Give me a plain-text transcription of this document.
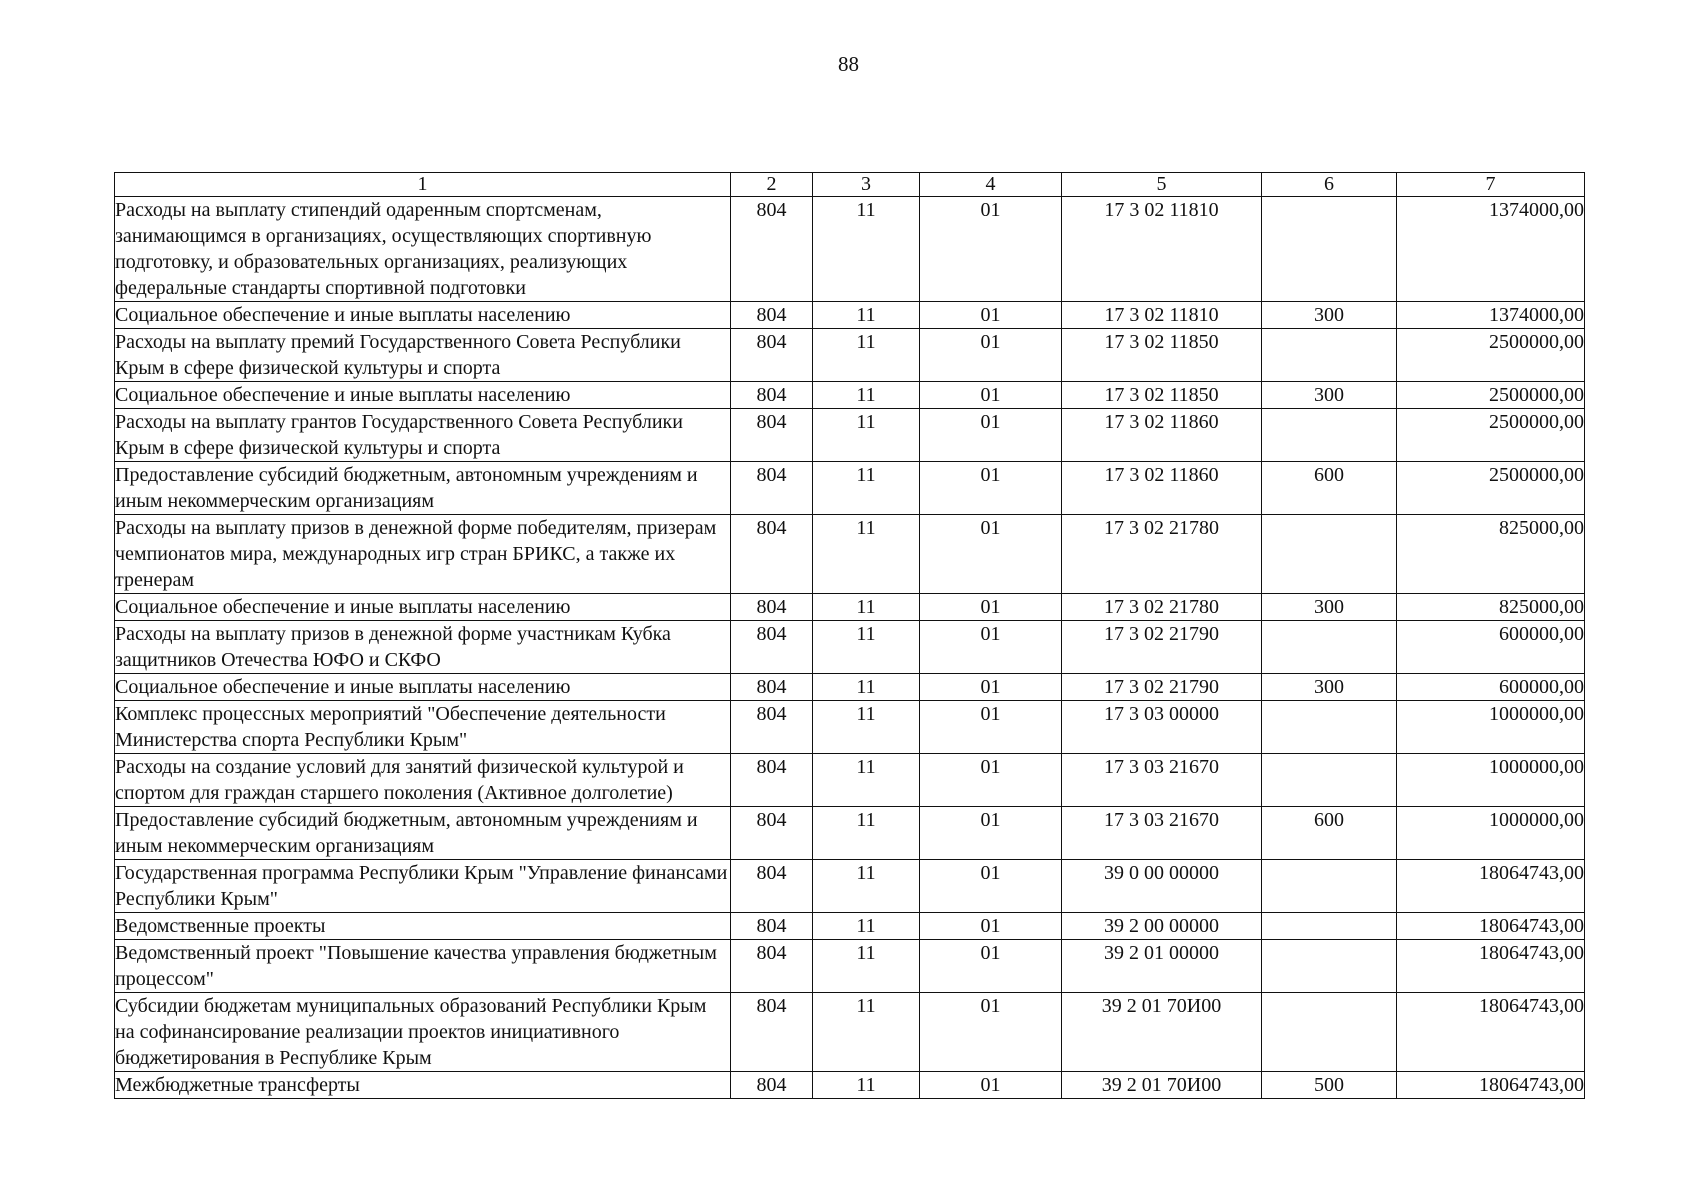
88
1	2	3	4	5	6	7
Расходы на выплату стипендий одаренным спортсменам, занимающимся в организациях, осуществляющих спортивную подготовку, и образовательных организациях, реализующих федеральные стандарты спортивной подготовки	804	11	01	17 3 02 11810		1374000,00
Социальное обеспечение и иные выплаты населению	804	11	01	17 3 02 11810	300	1374000,00
Расходы на выплату премий Государственного Совета Республики Крым в сфере физической культуры и спорта	804	11	01	17 3 02 11850		2500000,00
Социальное обеспечение и иные выплаты населению	804	11	01	17 3 02 11850	300	2500000,00
Расходы на выплату грантов Государственного Совета Республики Крым в сфере физической культуры и спорта	804	11	01	17 3 02 11860		2500000,00
Предоставление субсидий бюджетным, автономным учреждениям и иным некоммерческим организациям	804	11	01	17 3 02 11860	600	2500000,00
Расходы на выплату призов в денежной форме победителям, призерам чемпионатов мира, международных игр стран БРИКС, а также их тренерам	804	11	01	17 3 02 21780		825000,00
Социальное обеспечение и иные выплаты населению	804	11	01	17 3 02 21780	300	825000,00
Расходы на выплату призов в денежной форме участникам Кубка защитников Отечества ЮФО и СКФО	804	11	01	17 3 02 21790		600000,00
Социальное обеспечение и иные выплаты населению	804	11	01	17 3 02 21790	300	600000,00
Комплекс процессных мероприятий "Обеспечение деятельности Министерства спорта Республики Крым"	804	11	01	17 3 03 00000		1000000,00
Расходы на создание условий для занятий физической культурой и спортом для граждан старшего поколения (Активное долголетие)	804	11	01	17 3 03 21670		1000000,00
Предоставление субсидий бюджетным, автономным учреждениям и иным некоммерческим организациям	804	11	01	17 3 03 21670	600	1000000,00
Государственная программа Республики Крым "Управление финансами Республики Крым"	804	11	01	39 0 00 00000		18064743,00
Ведомственные проекты	804	11	01	39 2 00 00000		18064743,00
Ведомственный проект "Повышение качества управления бюджетным процессом"	804	11	01	39 2 01 00000		18064743,00
Субсидии бюджетам муниципальных образований Республики Крым на софинансирование реализации проектов инициативного бюджетирования в Республике Крым	804	11	01	39 2 01 70И00		18064743,00
Межбюджетные трансферты	804	11	01	39 2 01 70И00	500	18064743,00
